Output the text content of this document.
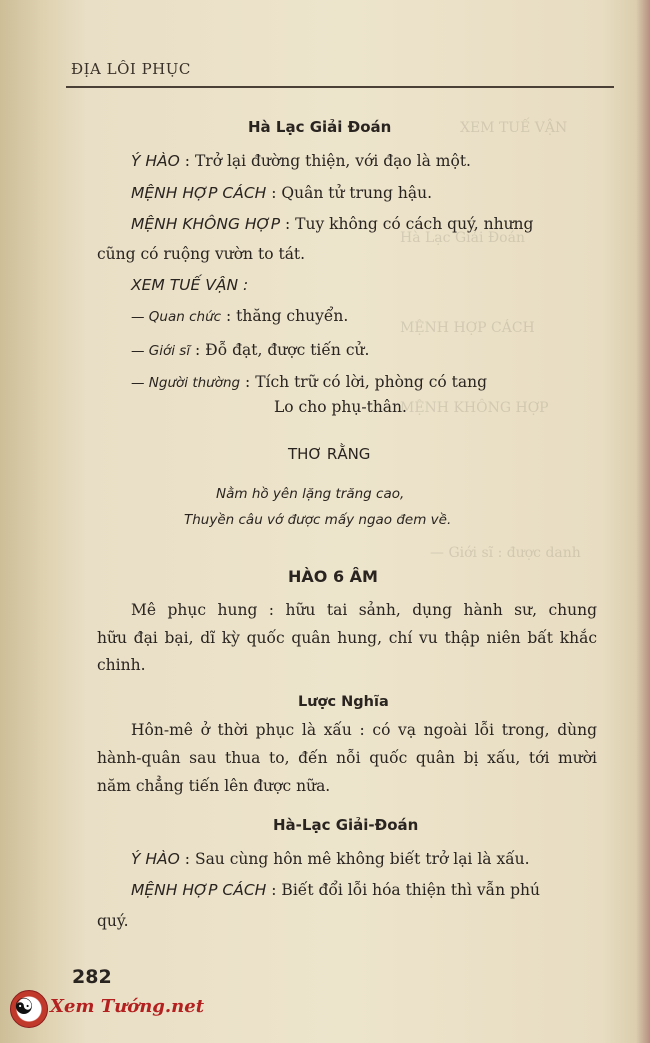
XEM TUẾ VẬN
Hà Lạc Giải Đoán
MỆNH HỢP CÁCH
MỆNH KHÔNG HỢP
— Giới sĩ : được danh
ĐỊA LÔI PHỤC
Hà Lạc Giải Đoán
Ý HÀO : Trở lại đường thiện, với đạo là một.
MỆNH HỢP CÁCH : Quân tử trung hậu.
MỆNH KHÔNG HỢP : Tuy không có cách quý, nhưng
cũng có ruộng vườn to tát.
XEM TUẾ VẬN :
— Quan chức : thăng chuyển.
— Giới sĩ : Đỗ đạt, được tiến cử.
— Người thường : Tích trữ có lời, phòng có tang
Lo cho phụ-thân.
THƠ RẰNG
Nằm hồ yên lặng trăng cao,
Thuyền câu vớ được mấy ngao đem về.
HÀO 6 ÂM
Mê phục hung : hữu tai sảnh, dụng hành sư, chung
hữu đại bại, dĩ kỳ quốc quân hung, chí vu thập niên bất khắc
chinh.
Lược Nghĩa
Hôn-mê ở thời phục là xấu : có vạ ngoài lỗi trong, dùng
hành-quân sau thua to, đến nỗi quốc quân bị xấu, tới mười
năm chẳng tiến lên được nữa.
Hà-Lạc Giải-Đoán
Ý HÀO : Sau cùng hôn mê không biết trở lại là xấu.
MỆNH HỢP CÁCH : Biết đổi lỗi hóa thiện thì vẫn phú
quý.
282
☯ Xem Tướng.net
